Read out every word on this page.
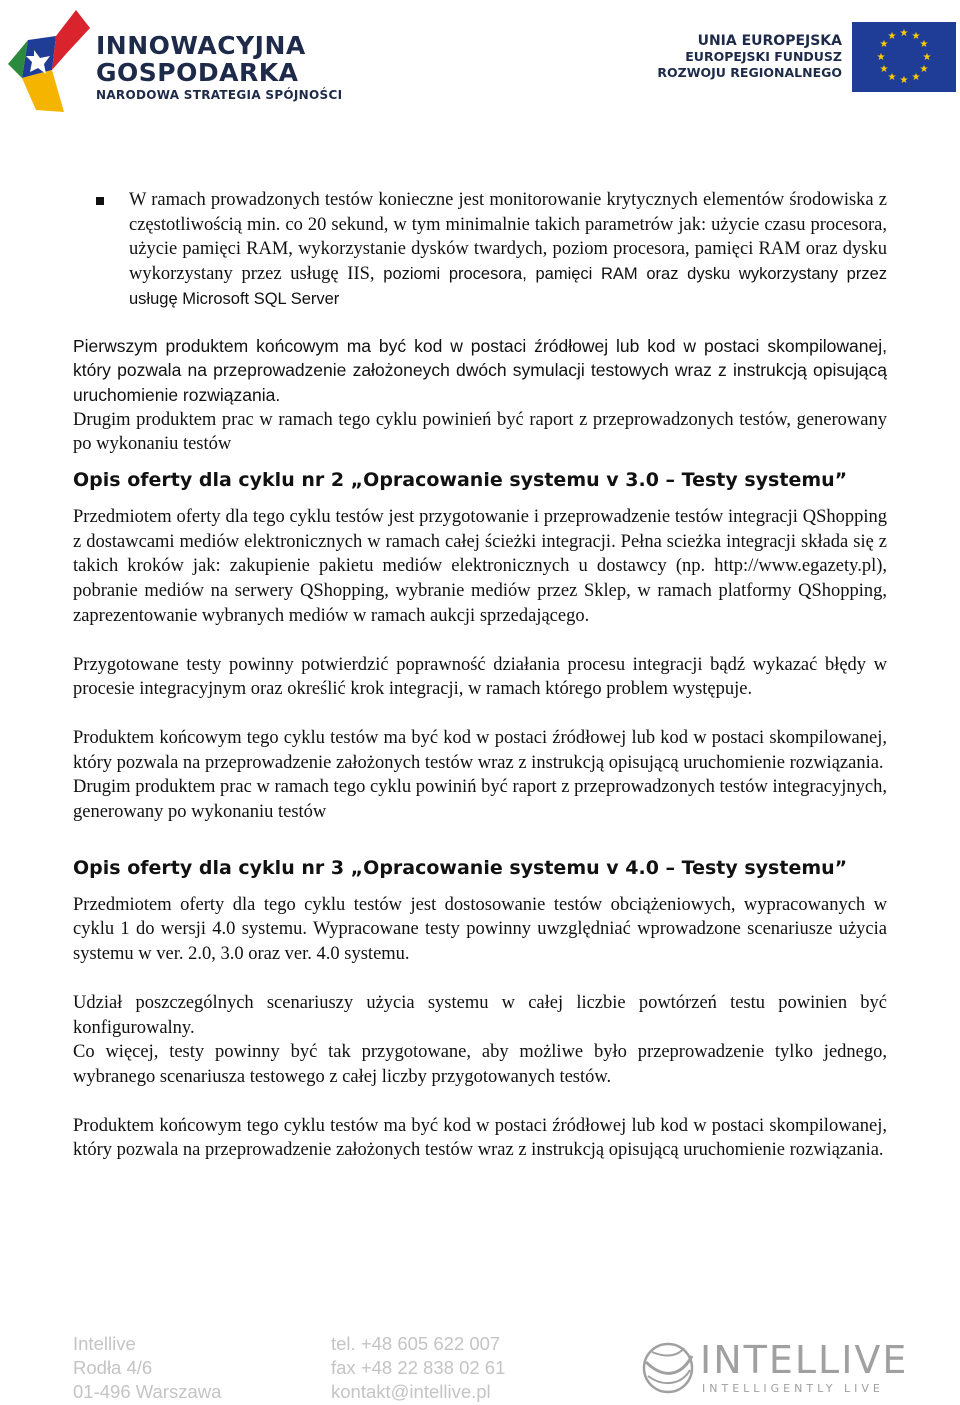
INNOWACYJNA
GOSPODARKA
NARODOWA STRATEGIA SPÓJNOŚCI
UNIA EUROPEJSKA
EUROPEJSKI FUNDUSZ
ROZWOJU REGIONALNEGO
★ ★
★
★
★
★
★
★
★
★
★
★

W ramach prowadzonych testów konieczne jest monitorowanie krytycznych elementów środowiska z częstotliwością min. co 20 sekund, w tym minimalnie takich parametrów jak: użycie czasu procesora, użycie pamięci RAM, wykorzystanie dysków twardych, poziom procesora, pamięci RAM oraz dysku wykorzystany przez usługę IIS, poziomi procesora, pamięci RAM oraz dysku wykorzystany przez usługę Microsoft SQL Server

Pierwszym produktem końcowym ma być kod w postaci źródłowej lub kod w postaci skompilowanej, który pozwala na przeprowadzenie założoneych dwóch symulacji testowych wraz z instrukcją opisującą uruchomienie rozwiązania.

Drugim produktem prac w ramach tego cyklu powinień być raport z przeprowadzonych testów, generowany po wykonaniu testów

Opis oferty dla cyklu nr 2 „Opracowanie systemu v 3.0 – Testy systemu”

Przedmiotem oferty dla tego cyklu testów jest przygotowanie i przeprowadzenie testów integracji QShopping z dostawcami mediów elektronicznych w ramach całej ścieżki integracji. Pełna scieżka integracji składa się z takich kroków jak: zakupienie pakietu mediów elektronicznych u dostawcy (np. http://www.egazety.pl), pobranie mediów na serwery QShopping, wybranie mediów przez Sklep, w ramach platformy QShopping, zaprezentowanie wybranych mediów w ramach aukcji sprzedającego.

Przygotowane testy powinny potwierdzić poprawność działania procesu integracji bądź wykazać błędy w procesie integracyjnym oraz określić krok integracji, w ramach którego problem występuje.

Produktem końcowym tego cyklu testów ma być kod w postaci źródłowej lub kod w postaci skompilowanej, który pozwala na przeprowadzenie założonych testów wraz z instrukcją opisującą uruchomienie rozwiązania.

Drugim produktem prac w ramach tego cyklu powiniń być raport z przeprowadzonych testów integracyjnych, generowany po wykonaniu testów

Opis oferty dla cyklu nr 3 „Opracowanie systemu v 4.0 – Testy systemu”

Przedmiotem oferty dla tego cyklu testów jest dostosowanie testów obciążeniowych, wypracowanych w cyklu 1 do wersji 4.0 systemu. Wypracowane testy powinny uwzględniać wprowadzone scenariusze użycia systemu w ver. 2.0, 3.0 oraz ver. 4.0 systemu.

Udział poszczególnych scenariuszy użycia systemu w całej liczbie powtórzeń testu powinien być konfigurowalny.

Co więcej, testy powinny być tak przygotowane, aby możliwe było przeprowadzenie tylko jednego, wybranego scenariusza testowego z całej liczby przygotowanych testów.

Produktem końcowym tego cyklu testów ma być kod w postaci źródłowej lub kod w postaci skompilowanej, który pozwala na przeprowadzenie założonych testów wraz z instrukcją opisującą uruchomienie rozwiązania.

Intellive
Rodła 4/6
01-496 Warszawa
tel. +48 605 622 007
fax +48 22 838 02 61
kontakt@intellive.pl
INTELLIVE
INTELLIGENTLY LIVE
